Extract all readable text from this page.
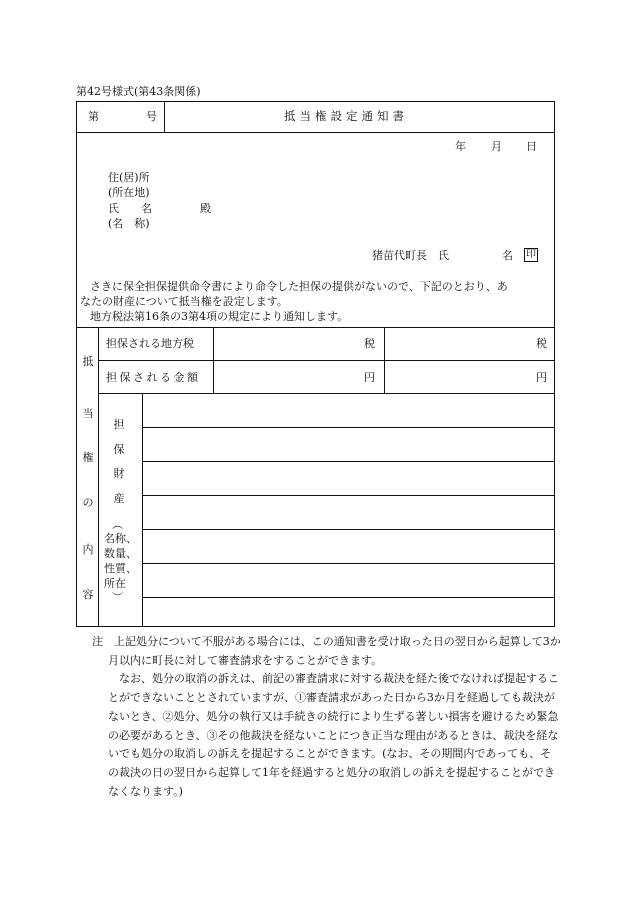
第42号様式(第43条関係)
第	号	抵当権設定通知書
年 月 日
住(居)所
(所在地)
氏　　名
(名　称)
殿
猪苗代町長　氏	名 印
さきに保全担保提供命令書により命令した担保の提供がないので、下記のとおり、あ
なたの財産について抵当権を設定します。
地方税法第16条の3第4項の規定により通知します。
抵
当
権
の
内
容
担保される地方税	税	税
担保される金額	円	円
担
保
財
産
︵
名称、
数量、
性質、
所在
︶

注　 上記処分について不服がある場合には、この通知書を受け取った日の翌日から起算して3か月以内に町長に対して審査請求をすることができます。

なお、処分の取消の訴えは、前記の審査請求に対する裁決を経た後でなければ提起することができないこととされていますが、①審査請求があった日から3か月を経過しても裁決がないとき、②処分、処分の執行又は手続きの続行により生ずる著しい損害を避けるため緊急の必要があるとき、③その他裁決を経ないことにつき正当な理由があるときは、裁決を経ないでも処分の取消しの訴えを提起することができます。(なお、その期間内であっても、その裁決の日の翌日から起算して1年を経過すると処分の取消しの訴えを提起することができなくなります。)
